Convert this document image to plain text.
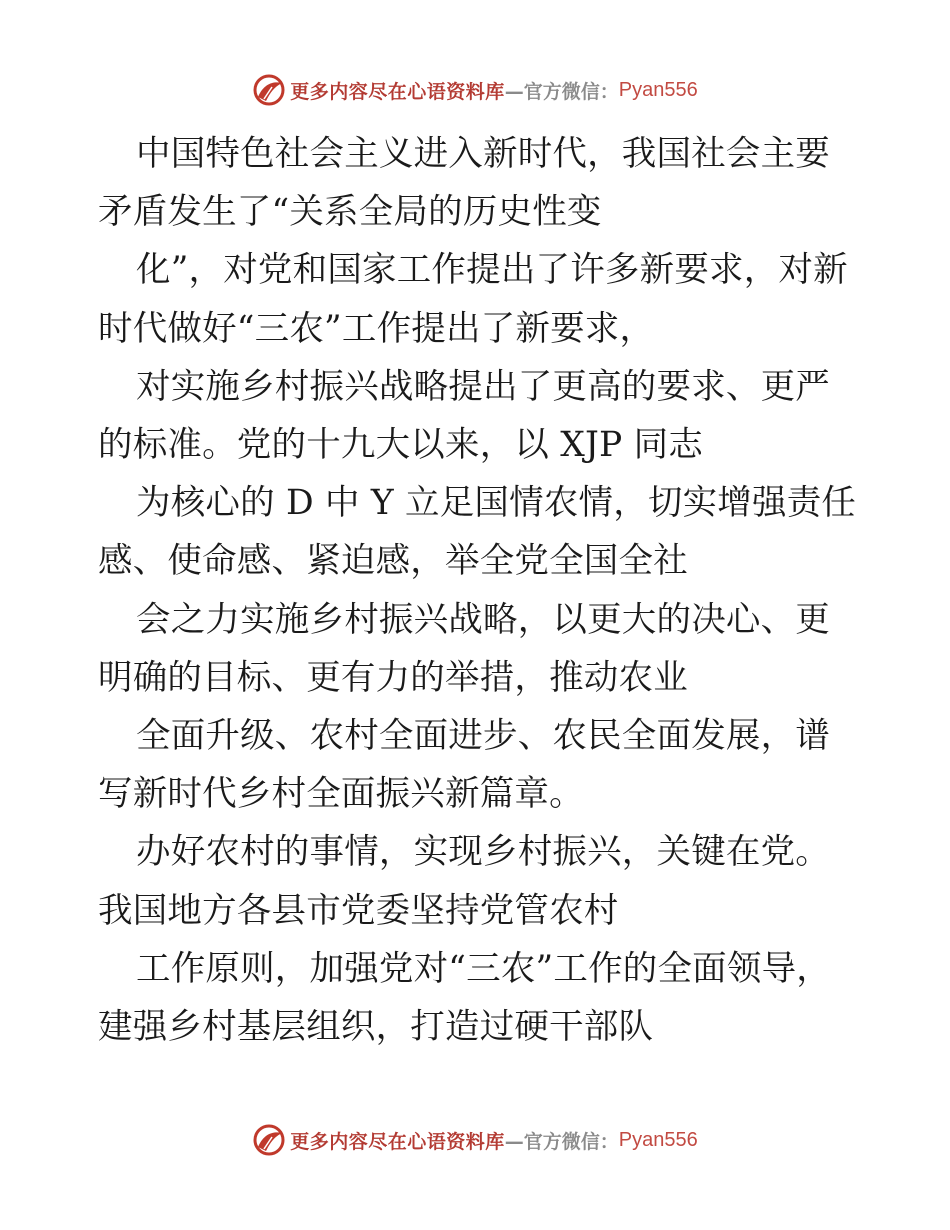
更多内容尽在心语资料库 —官方微信： Pyan556

中国特色社会主义进入新时代，我国社会主要矛盾发生了“关系全局的历史性变

化”，对党和国家工作提出了许多新要求，对新时代做好“三农”工作提出了新要求，

对实施乡村振兴战略提出了更高的要求、更严的标准。党的十九大以来，以 XJP 同志

为核心的 D 中 Y 立足国情农情，切实增强责任感、使命感、紧迫感，举全党全国全社

会之力实施乡村振兴战略，以更大的决心、更明确的目标、更有力的举措，推动农业

全面升级、农村全面进步、农民全面发展，谱写新时代乡村全面振兴新篇章。

办好农村的事情，实现乡村振兴，关键在党。我国地方各县市党委坚持党管农村

工作原则，加强党对“三农”工作的全面领导，建强乡村基层组织，打造过硬干部队

更多内容尽在心语资料库 —官方微信： Pyan556
